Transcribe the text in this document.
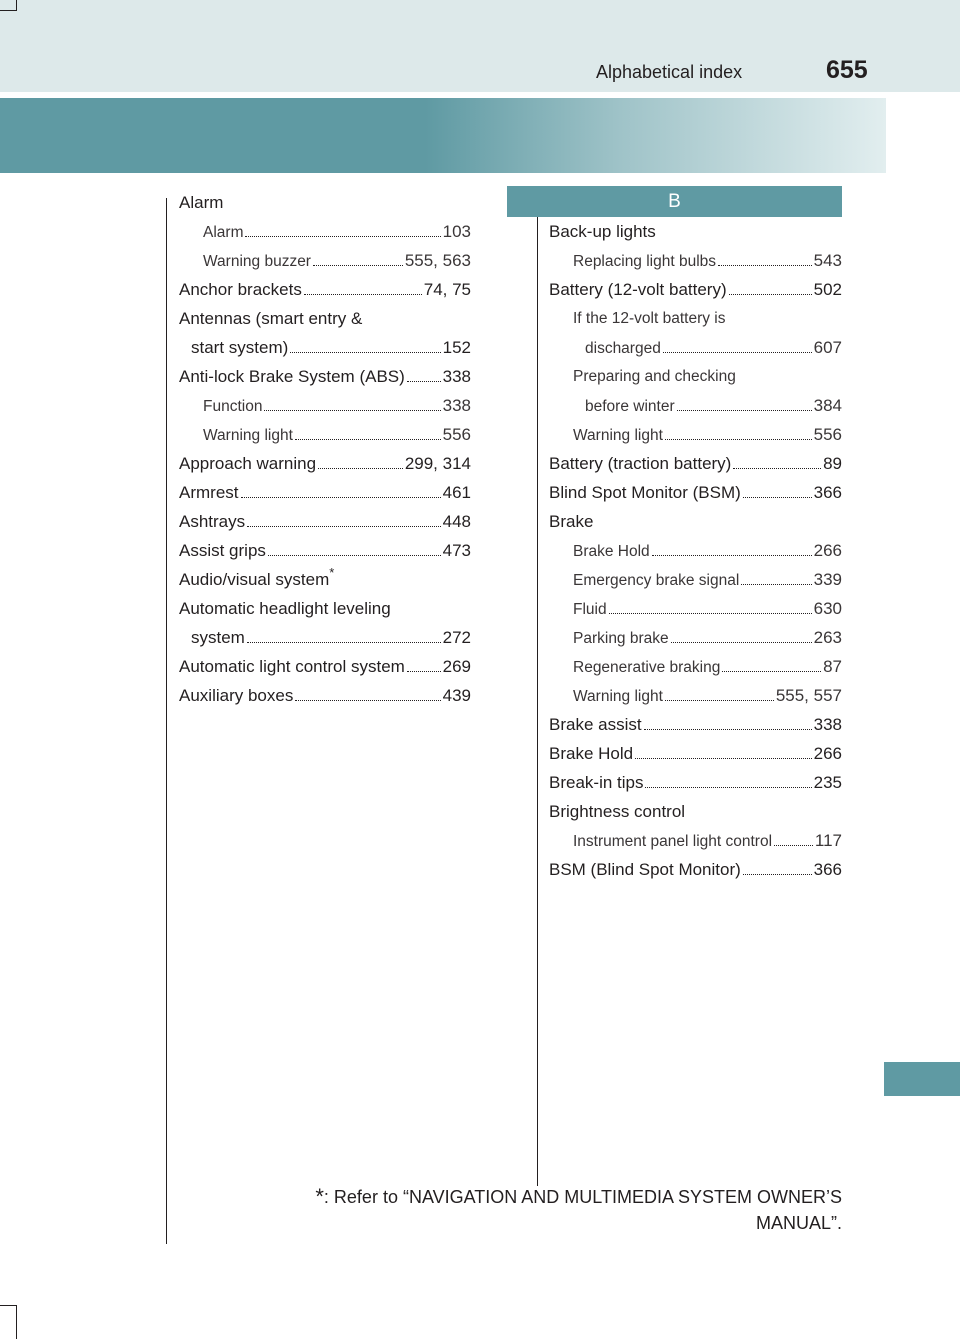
Alphabetical index	655
B
Alarm
Alarm	103
Warning buzzer	555, 563
Anchor brackets	74, 75
Antennas (smart entry &
start system)	152
Anti-lock Brake System (ABS) 338
Function	338
Warning light	556
Approach warning	299, 314
Armrest	461
Ashtrays	448
Assist grips	473
Audio/visual system *
Automatic headlight leveling
system	272
Automatic light control system 269
Auxiliary boxes	439
Back-up lights
Replacing light bulbs	543
Battery (12-volt battery)	502
If the 12-volt battery is
discharged	607
Preparing and checking
before winter	384
Warning light	556
Battery (traction battery)	89
Blind Spot Monitor (BSM)	366
Brake
Brake Hold	266
Emergency brake signal	339
Fluid	630
Parking brake	263
Regenerative braking	87
Warning light	555, 557
Brake assist	338
Brake Hold	266
Break-in tips	235
Brightness control
Instrument panel light control	117
BSM (Blind Spot Monitor)	366
*: Refer to “NAVIGATION AND MULTIMEDIA SYSTEM OWNER’S
MANUAL”.
